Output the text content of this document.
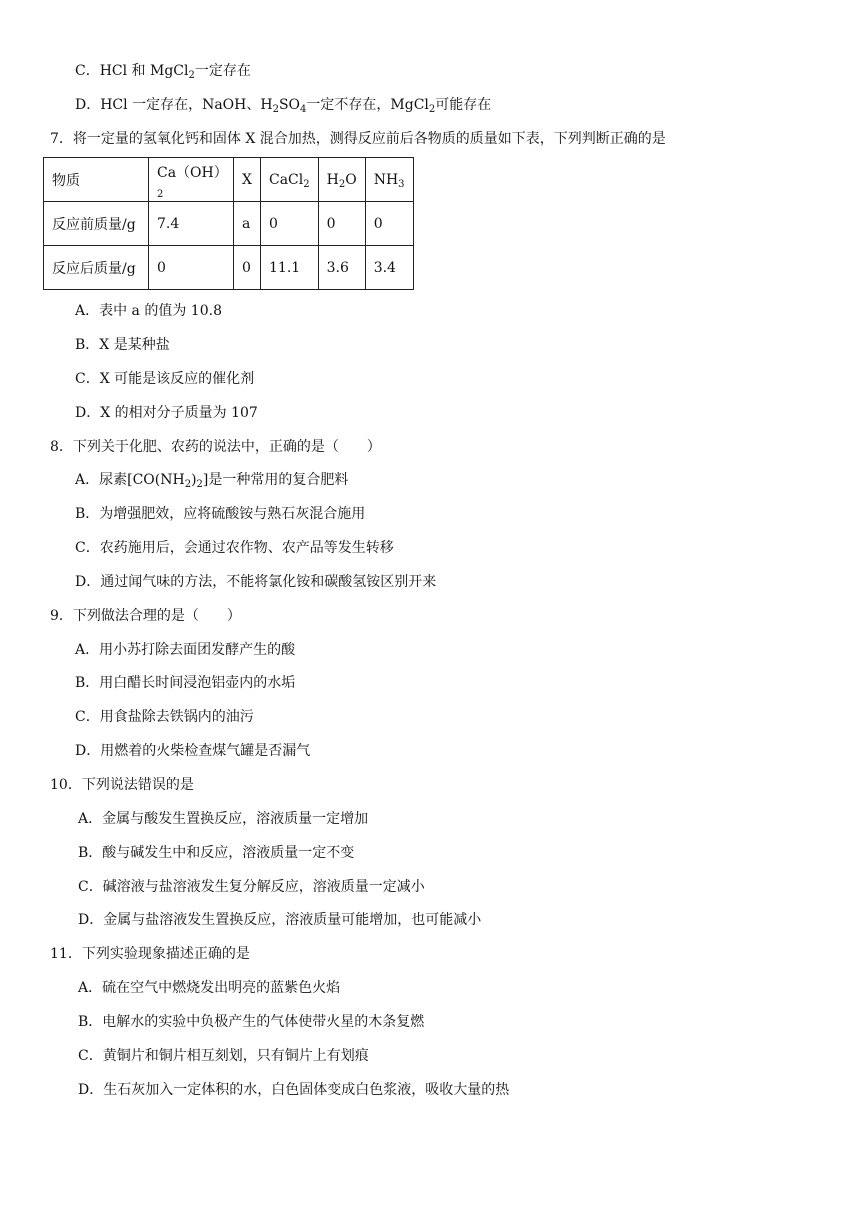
C．HCl 和 MgCl$_2$一定存在
D．HCl 一定存在，NaOH、$H_2SO_4$一定不存在，MgCl$_2$可能存在
7．将一定量的氢氧化钙和固体 X 混合加热，测得反应前后各物质的质量如下表，下列判断正确的是
物质	$Ca(OH)_2$	X	CaCl$_2$	$H_2O$	$NH_3$
反应前质量/g	7.4	a	0	0	0
反应后质量/g	0	0	11.1	3.6	3.4
A．表中 a 的值为 10.8
B．X 是某种盐
C．X 可能是该反应的催化剂
D．X 的相对分子质量为 107
8．下列关于化肥、农药的说法中，正确的是（　　）
A．尿素$[CO(NH_2)_2]$是一种常用的复合肥料
B．为增强肥效，应将硫酸铵与熟石灰混合施用
C．农药施用后，会通过农作物、农产品等发生转移
D．通过闻气味的方法，不能将氯化铵和碳酸氢铵区别开来
9．下列做法合理的是（　　）
A．用小苏打除去面团发酵产生的酸
B．用白醋长时间浸泡铝壶内的水垢
C．用食盐除去铁锅内的油污
D．用燃着的火柴检查煤气罐是否漏气
10．下列说法错误的是
A．金属与酸发生置换反应，溶液质量一定增加
B．酸与碱发生中和反应，溶液质量一定不变
C．碱溶液与盐溶液发生复分解反应，溶液质量一定减小
D．金属与盐溶液发生置换反应，溶液质量可能增加，也可能减小
11．下列实验现象描述正确的是
A．硫在空气中燃烧发出明亮的蓝紫色火焰
B．电解水的实验中负极产生的气体使带火星的木条复燃
C．黄铜片和铜片相互刻划，只有铜片上有划痕
D．生石灰加入一定体积的水，白色固体变成白色浆液，吸收大量的热
